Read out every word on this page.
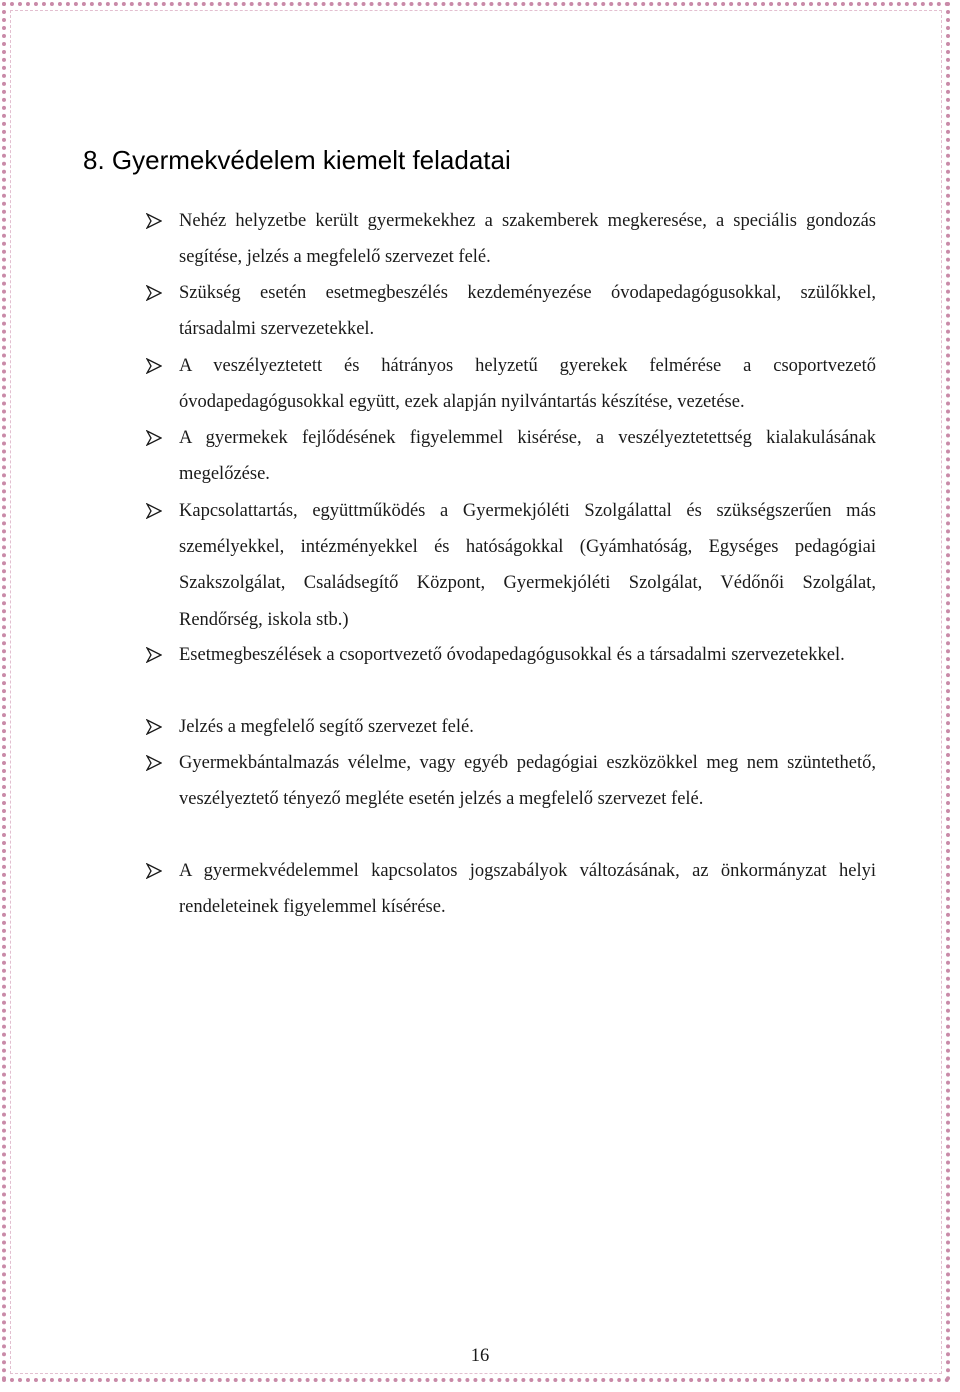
8. Gyermekvédelem kiemelt feladatai
Nehéz helyzetbe került gyermekekhez a szakemberek megkeresése, a speciális gondozás segítése, jelzés a megfelelő szervezet felé.
Szükség esetén esetmegbeszélés kezdeményezése óvodapedagógusokkal, szülőkkel, társadalmi szervezetekkel.
A veszélyeztetett és hátrányos helyzetű gyerekek felmérése a csoportvezető óvodapedagógusokkal együtt, ezek alapján nyilvántartás készítése, vezetése.
A gyermekek fejlődésének figyelemmel kisérése, a veszélyeztetettség kialakulásának megelőzése.
Kapcsolattartás, együttműködés a Gyermekjóléti Szolgálattal és szükségszerűen más személyekkel, intézményekkel és hatóságokkal (Gyámhatóság, Egységes pedagógiai Szakszolgálat, Családsegítő Központ, Gyermekjóléti Szolgálat, Védőnői Szolgálat, Rendőrség, iskola stb.)
Esetmegbeszélések a csoportvezető óvodapedagógusokkal és a társadalmi szervezetekkel.
Jelzés a megfelelő segítő szervezet felé.
Gyermekbántalmazás vélelme, vagy egyéb pedagógiai eszközökkel meg nem szüntethető, veszélyeztető tényező megléte esetén jelzés a megfelelő szervezet felé.
A gyermekvédelemmel kapcsolatos jogszabályok változásának, az önkormányzat helyi rendeleteinek figyelemmel kísérése.
16
